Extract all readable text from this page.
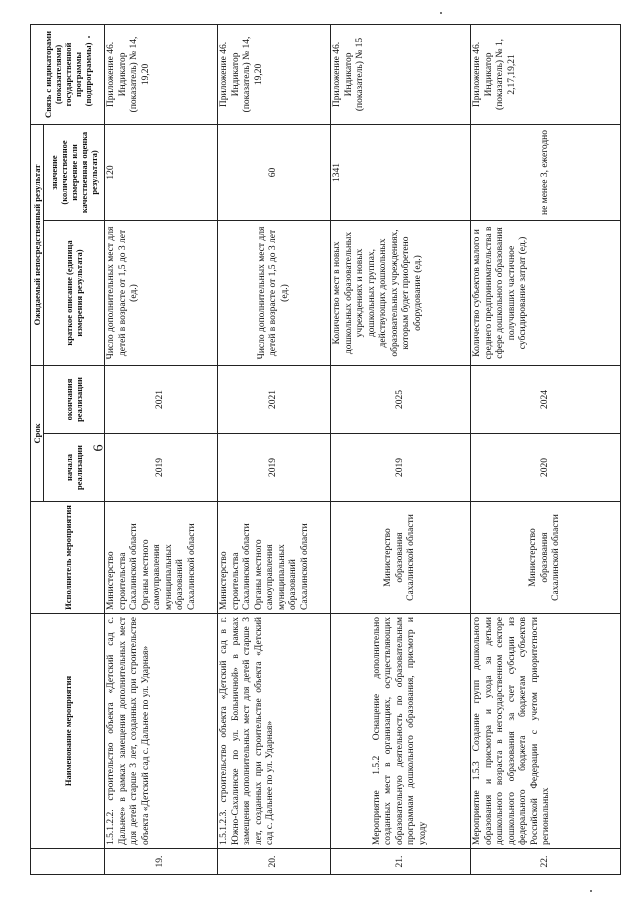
	Наименование мероприятия	Исполнитель мероприятия	Срок		Ожидаемый непосредственный результат		Связь с индикаторами (показателями) государственной программы (подпрограммы)
			начала реализации	окончания реализации	краткое описание (единица измерения результата)	значение (количественное измерение или качественная оценка результата)	
19.	1.5.1.2.2. строительство объекта «Детский сад с. Дальнее» в рамках замещения дополнительных мест для детей старше 3 лет, созданных при строительстве объекта «Детский сад с. Дальнее по ул. Ударная»	Министерство строительства Сахалинской области Органы местного самоуправления муниципальных образований Сахалинской области	2019	2021	Число дополнительных мест для детей в возрасте от 1,5 до 3 лет (ед.)	120	Приложение 46. Индикатор (показатель) № 14, 19,20
20.	1.5.1.2.3. строительство объекта «Детский сад в г. Южно-Сахалинске по ул. Больничной» в рамках замещения дополнительных мест для детей старше 3 лет, созданных при строительстве объекта «Детский сад с. Дальнее по ул. Ударная»	Министерство строительства Сахалинской области Органы местного самоуправления муниципальных образований Сахалинской области	2019	2021	Число дополнительных мест для детей в возрасте от 1,5 до 3 лет (ед.)	60	Приложение 46. Индикатор (показатель) № 14, 19,20
21.	Мероприятие 1.5.2 Оснащение дополнительно созданных мест в организациях, осуществляющих образовательную деятельность по образовательным программам дошкольного образования, присмотр и уходу	Министерство образования Сахалинской области	2019	2025	Количество мест в новых дошкольных образовательных учреждениях и новых дошкольных группах, действующих дошкольных образовательных учреждениях, которым будет приобретено оборудование (ед.)	1341	Приложение 46. Индикатор (показатель) № 15
22.	Мероприятие 1.5.3 Создание групп дошкольного образования и присмотра и ухода за детьми дошкольного возраста в негосударственном секторе дошкольного образования за счет субсидии из федерального бюджета бюджетам субъектов Российской Федерации с учетом приоритетности региональных	Министерство образования Сахалинской области	2020	2024	Количество субъектов малого и среднего предпринимательства в сфере дошкольного образования получивших частичное субсидирование затрат (ед.)	не менее 3, ежегодно	Приложение 46. Индикатор (показатель) № 1, 2,17,19,21
6
